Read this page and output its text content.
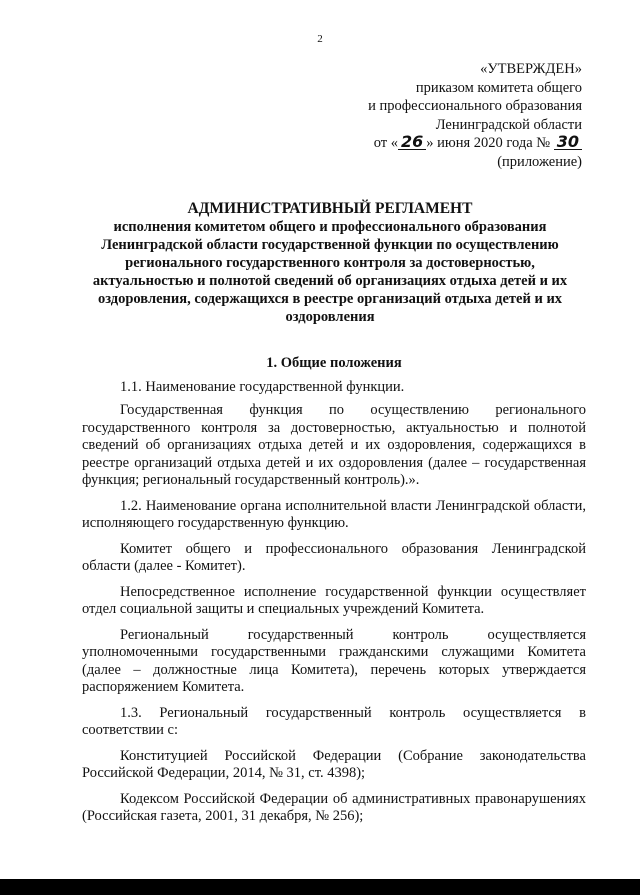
2
«УТВЕРЖДЕН»
приказом комитета общего
и профессионального образования
Ленинградской области
от « 26 » июня 2020 года № 30
(приложение)
АДМИНИСТРАТИВНЫЙ РЕГЛАМЕНТ
исполнения комитетом общего и профессионального образования Ленинградской области государственной функции по осуществлению регионального государственного контроля за достоверностью, актуальностью и полнотой сведений об организациях отдыха детей и их оздоровления, содержащихся в реестре организаций отдыха детей и их оздоровления
1. Общие положения

1.1. Наименование государственной функции.

Государственная функция по осуществлению регионального государственного контроля за достоверностью, актуальностью и полнотой сведений об организациях отдыха детей и их оздоровления, содержащихся в реестре организаций отдыха детей и их оздоровления (далее – государственная функция; региональный государственный контроль).».

1.2. Наименование органа исполнительной власти Ленинградской области, исполняющего государственную функцию.

Комитет общего и профессионального образования Ленинградской области (далее - Комитет).

Непосредственное исполнение государственной функции осуществляет отдел социальной защиты и специальных учреждений Комитета.

Региональный государственный контроль осуществляется уполномоченными государственными гражданскими служащими Комитета (далее – должностные лица Комитета), перечень которых утверждается распоряжением Комитета.

1.3. Региональный государственный контроль осуществляется в соответствии с:

Конституцией Российской Федерации (Собрание законодательства Российской Федерации, 2014, № 31, ст. 4398);

Кодексом Российской Федерации об административных правонарушениях (Российская газета, 2001, 31 декабря, № 256);
